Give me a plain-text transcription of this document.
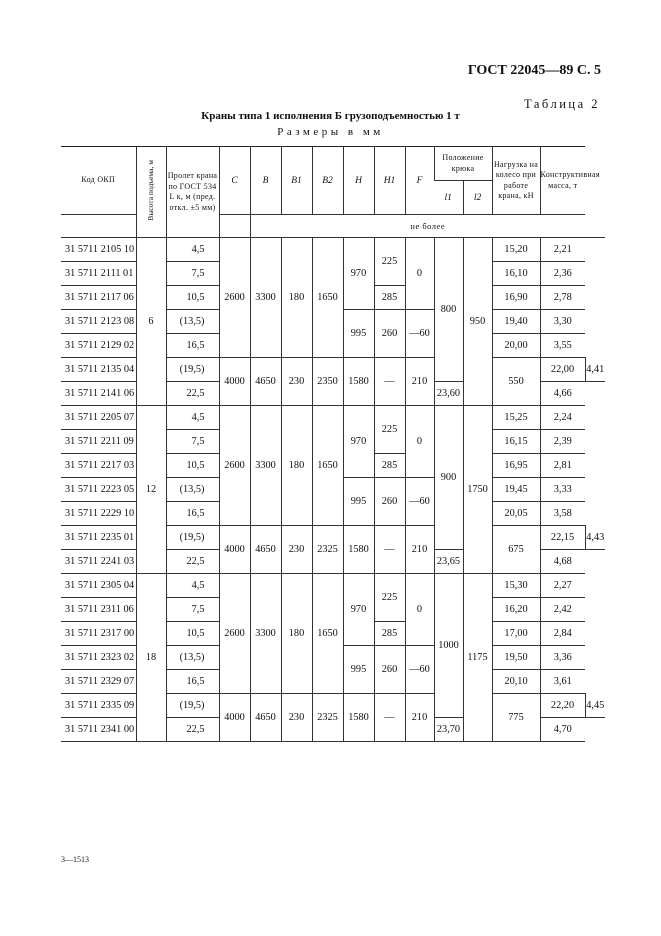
ГОСТ 22045—89 С. 5
Таблица 2
Краны типа 1 исполнения Б грузоподъемностью 1 т
Размеры в мм
Код ОКП	Высота подъема, м	Пролет крана по ГОСТ 534 L к, м (пред. откл. ±5 мм)	C	B	B1	B2	H	H1	F	Положение крюка		Нагрузка на колесо при работе крана, кН	Конструктивная масса, т	
										l1	l2			
				не более										
31 5711 2105 10	6	4,5	2600	3300	180	1650	970	225	0	800	950	15,20	2,21	
31 5711 2111 01		7,5										16,10	2,36	
31 5711 2117 06		10,5						285				16,90	2,78	
31 5711 2123 08		(13,5)					995	260	—60			19,40	3,30	
31 5711 2129 02		16,5										20,00	3,55	
31 5711 2135 04		(19,5)	4000	4650	230	2350	1580	—	210			550	22,00	4,41
31 5711 2141 06		22,5								23,60			4,66	
31 5711 2205 07	12	4,5	2600	3300	180	1650	970	225	0	900	1750	15,25	2,24	
31 5711 2211 09		7,5										16,15	2,39	
31 5711 2217 03		10,5						285				16,95	2,81	
31 5711 2223 05		(13,5)					995	260	—60			19,45	3,33	
31 5711 2229 10		16,5										20,05	3,58	
31 5711 2235 01		(19,5)	4000	4650	230	2325	1580	—	210			675	22,15	4,43
31 5711 2241 03		22,5								23,65			4,68	
31 5711 2305 04	18	4,5	2600	3300	180	1650	970	225	0	1000	1175	15,30	2,27	
31 5711 2311 06		7,5										16,20	2,42	
31 5711 2317 00		10,5						285				17,00	2,84	
31 5711 2323 02		(13,5)					995	260	—60			19,50	3,36	
31 5711 2329 07		16,5										20,10	3,61	
31 5711 2335 09		(19,5)	4000	4650	230	2325	1580	—	210			775	22,20	4,45
31 5711 2341 00		22,5								23,70			4,70	
3—1513
